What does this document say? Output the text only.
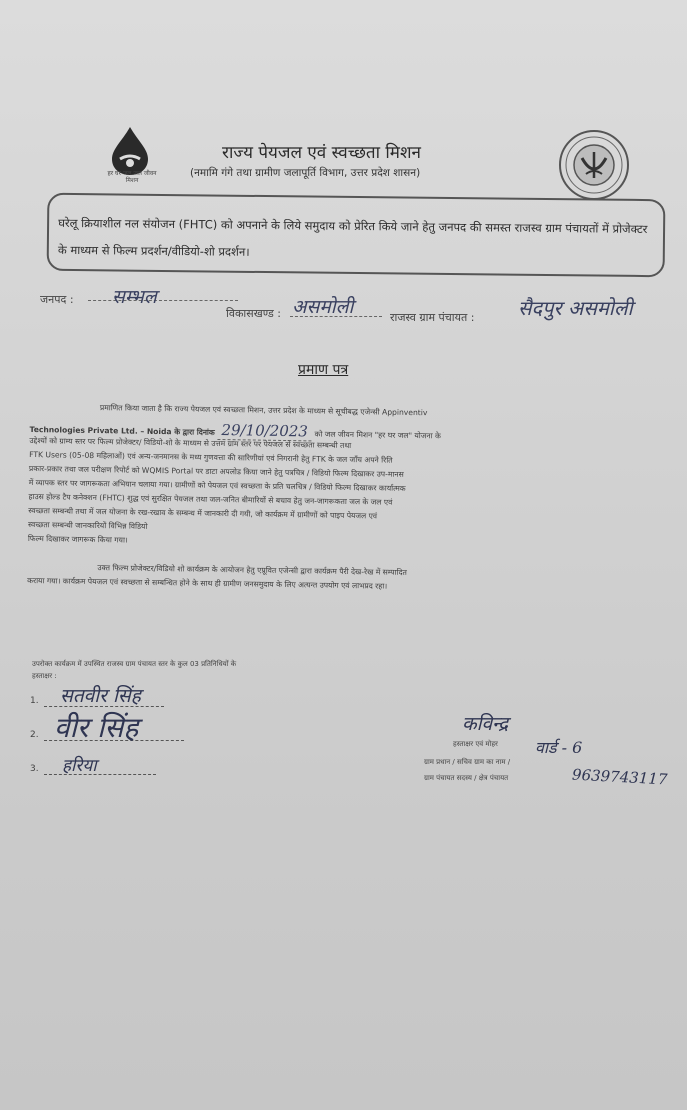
हर घर जल जल जीवन मिशन
राज्य पेयजल एवं स्वच्छता मिशन
(नमामि गंगे तथा ग्रामीण जलापूर्ति विभाग, उत्तर प्रदेश शासन)
घरेलू क्रियाशील नल संयोजन (FHTC) को अपनाने के लिये समुदाय को प्रेरित किये जाने हेतु जनपद की समस्त राजस्व ग्राम पंचायतों में प्रोजेक्टर के माध्यम से फिल्म प्रदर्शन/वीडियो-शो प्रदर्शन।
जनपद : सम्भल
विकासखण्ड : असमोली	राजस्व ग्राम पंचायत : सैदपुर असमोली
प्रमाण पत्र
प्रमाणित किया जाता है कि राज्य पेयजल एवं स्वच्छता मिशन, उत्तर प्रदेश के माध्यम से सूचीबद्ध एजेन्सी Appinventiv
Technologies Private Ltd. – Noida के द्वारा दिनांक 29/10/2023 को जल जीवन मिशन "हर घर जल" योजना के
उद्देश्यों को ग्राम्य स्तर पर फिल्म प्रोजेक्टर/ विडियो-शो के माध्यम से उत्तम ग्राम स्तर पर पेयजल से स्वच्छता सम्बन्धी तथा
FTK Users (05-08 महिलाओं) एवं अन्य-जनमानस के मध्य गुणवत्ता की सारिणीयां एवं निगरानी हेतु FTK के जल जाँच अपने रिति
प्रकार-प्रकार तथा जल परीक्षण रिपोर्ट को WQMIS Portal पर डाटा अपलोड किया जाने हेतु पत्रचित्र / विडियो फिल्म दिखाकर उप-मानस
में व्यापक स्तर पर जागरूकता अभियान चलाया गया। ग्रामीणों को पेयजल एवं स्वच्छता के प्रति चलचित्र / विडियो फिल्म दिखाकर कार्यात्मक
हाउस होल्ड टैप कनेक्शन (FHTC) शुद्ध एवं सुरक्षित पेयजल तथा जल-जनित बीमारियों से बचाव हेतु जन-जागरूकता जल के जल एवं
स्वच्छता सम्बन्धी तथा में जल योजना के रख-रखाव के सम्बन्ध में जानकारी दी गयी, जो कार्यक्रम में ग्रामीणों को पाइप पेयजल एवं
स्वच्छता सम्बन्धी जानकारियों विभिन्न विडियो
फिल्म दिखाकर जागरूक किया गया।
उक्त फिल्म प्रोजेक्टर/विडियो शो कार्यक्रम के आयोजन हेतु एप्रूवित एजेन्सी द्वारा कार्यक्रम पैरी देख-रेख में सम्पादित
कराया गया। कार्यक्रम पेयजल एवं स्वच्छता से सम्बन्धित होने के साथ ही ग्रामीण जनसमुदाय के लिए अत्यन्त उपयोग एवं लाभप्रद रहा।
उपरोक्त कार्यक्रम में उपस्थित राजस्व ग्राम पंचायत स्तर के कुल 03 प्रतिनिधियों के
हस्ताक्षर :
1. सतवीर सिंह
2. वीर सिंह
3. हरिया
कविन्द्र
हस्ताक्षर एवं मोहर वार्ड - 6
ग्राम प्रधान / सचिव ग्राम का नाम /
ग्राम पंचायत सदस्य / क्षेत्र पंचायत	9639743117
